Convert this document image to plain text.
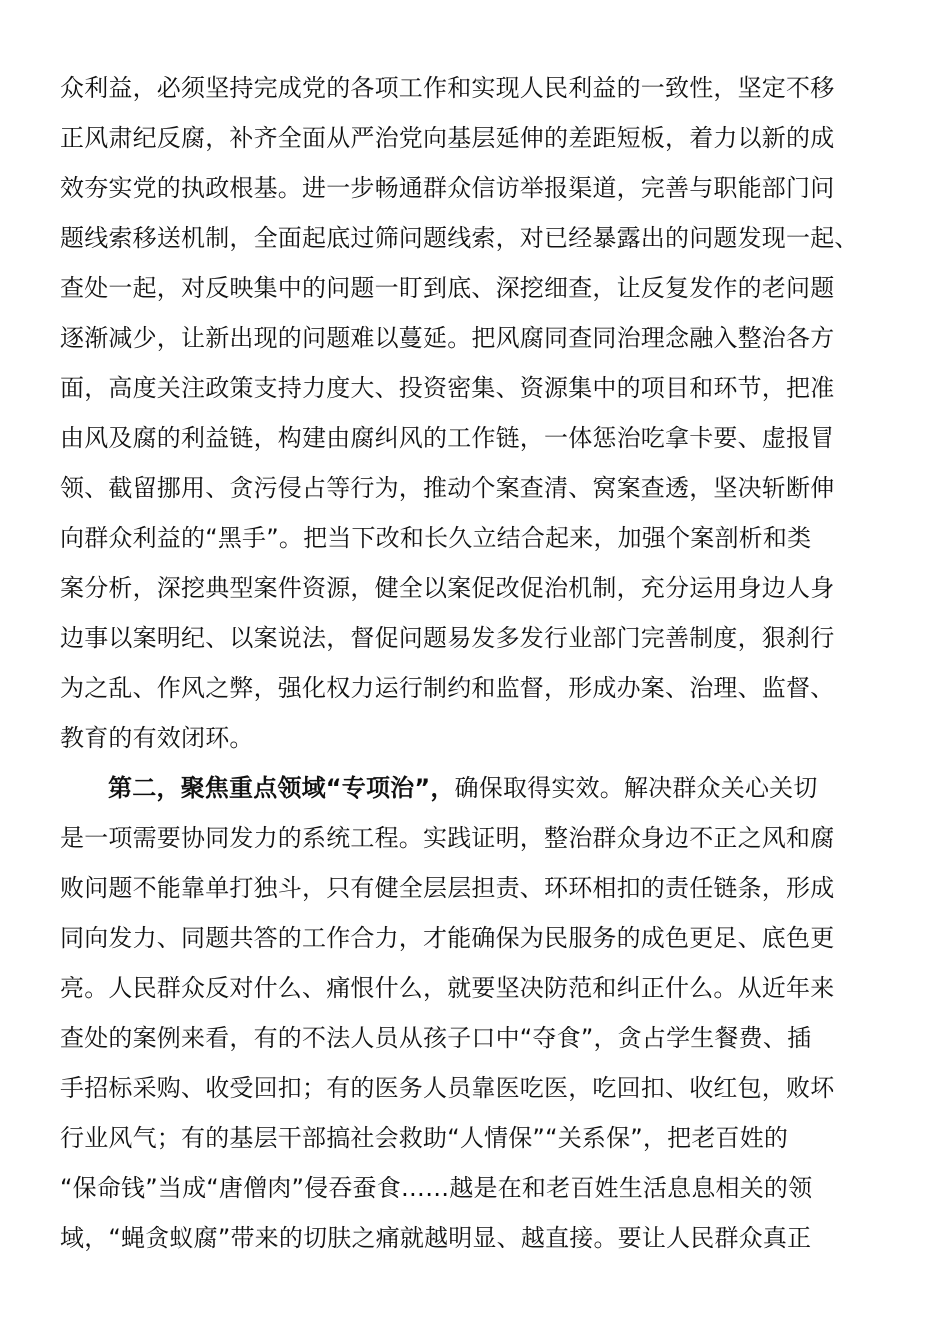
众利益，必须坚持完成党的各项工作和实现人民利益的一致性，坚定不移
正风肃纪反腐，补齐全面从严治党向基层延伸的差距短板，着力以新的成
效夯实党的执政根基。进一步畅通群众信访举报渠道，完善与职能部门问
题线索移送机制，全面起底过筛问题线索，对已经暴露出的问题发现一起、
查处一起，对反映集中的问题一盯到底、深挖细查，让反复发作的老问题
逐渐减少，让新出现的问题难以蔓延。把风腐同查同治理念融入整治各方
面，高度关注政策支持力度大、投资密集、资源集中的项目和环节，把准
由风及腐的利益链，构建由腐纠风的工作链，一体惩治吃拿卡要、虚报冒
领、截留挪用、贪污侵占等行为，推动个案查清、窝案查透，坚决斩断伸
向群众利益的“黑手”。把当下改和长久立结合起来，加强个案剖析和类
案分析，深挖典型案件资源，健全以案促改促治机制，充分运用身边人身
边事以案明纪、以案说法，督促问题易发多发行业部门完善制度，狠刹行
为之乱、作风之弊，强化权力运行制约和监督，形成办案、治理、监督、
教育的有效闭环。
第二，聚焦重点领域“专项治”，确保取得实效。解决群众关心关切
是一项需要协同发力的系统工程。实践证明，整治群众身边不正之风和腐
败问题不能靠单打独斗，只有健全层层担责、环环相扣的责任链条，形成
同向发力、同题共答的工作合力，才能确保为民服务的成色更足、底色更
亮。人民群众反对什么、痛恨什么，就要坚决防范和纠正什么。从近年来
查处的案例来看，有的不法人员从孩子口中“夺食”，贪占学生餐费、插
手招标采购、收受回扣；有的医务人员靠医吃医，吃回扣、收红包，败坏
行业风气；有的基层干部搞社会救助“人情保”“关系保”，把老百姓的
“保命钱”当成“唐僧肉”侵吞蚕食……越是在和老百姓生活息息相关的领
域，“蝇贪蚁腐”带来的切肤之痛就越明显、越直接。要让人民群众真正
